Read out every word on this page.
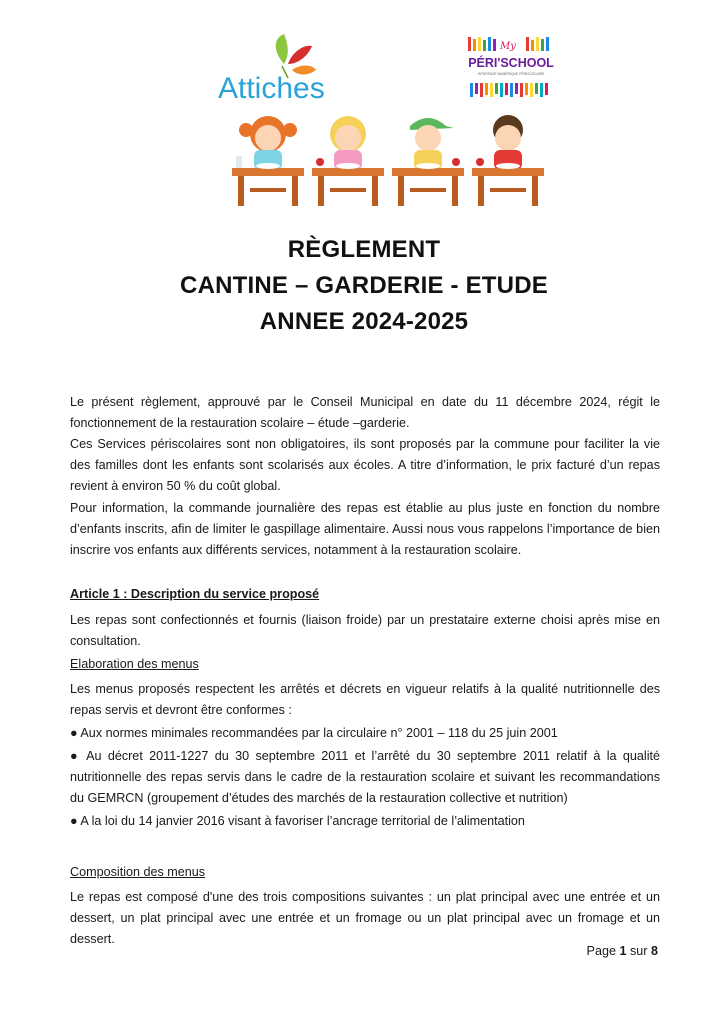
Attiches
My
PÉRI'SCHOOL
INTERFACE NUMÉRIQUE PÉRISCOLAIRE
RÈGLEMENT
CANTINE – GARDERIE - ETUDE
ANNEE 2024-2025

Le présent règlement, approuvé par le Conseil Municipal en date du 11 décembre 2024, régit le fonctionnement de la restauration scolaire – étude –garderie.

Ces Services périscolaires sont non obligatoires, ils sont proposés par la commune pour faciliter la vie des familles dont les enfants sont scolarisés aux écoles. A titre d’information, le prix facturé d’un repas revient à environ 50 % du coût global.

Pour information, la commande journalière des repas est établie au plus juste en fonction du nombre d’enfants inscrits, afin de limiter le gaspillage alimentaire. Aussi nous vous rappelons l’importance de bien inscrire vos enfants aux différents services, notamment à la restauration scolaire.

Article 1 : Description du service proposé

Les repas sont confectionnés et fournis (liaison froide) par un prestataire externe choisi après mise en consultation.

Elaboration des menus

Les menus proposés respectent les arrêtés et décrets en vigueur relatifs à la qualité nutritionnelle des repas servis et devront être conformes :

● Aux normes minimales recommandées par la circulaire n° 2001 – 118 du 25 juin 2001

● Au décret 2011-1227 du 30 septembre 2011 et l’arrêté du 30 septembre 2011 relatif à la qualité nutritionnelle des repas servis dans le cadre de la restauration scolaire et suivant les recommandations du GEMRCN (groupement d’études des marchés de la restauration collective et nutrition)

● A la loi du 14 janvier 2016 visant à favoriser l’ancrage territorial de l’alimentation

Composition des menus

Le repas est composé d'une des trois compositions suivantes : un plat principal avec une entrée et un dessert, un plat principal avec une entrée et un fromage ou un plat principal avec un fromage et un dessert.

Page 1 sur 8
